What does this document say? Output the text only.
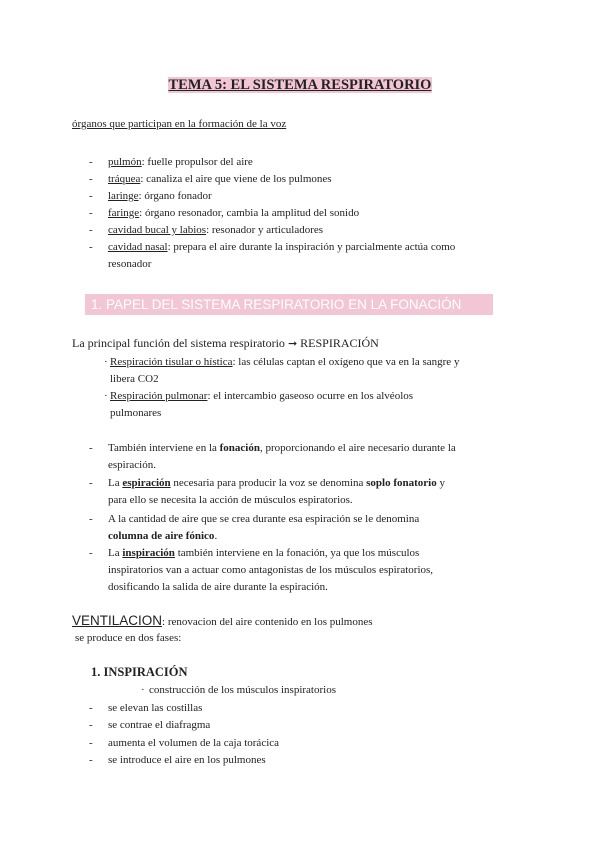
TEMA 5: EL SISTEMA RESPIRATORIO
órganos que participan en la formación de la voz
- pulmón: fuelle propulsor del aire
- tráquea: canaliza el aire que viene de los pulmones
- laringe: órgano fonador
- faringe: órgano resonador, cambia la amplitud del sonido
- cavidad bucal y labios: resonador y articuladores
- cavidad nasal: prepara el aire durante la inspiración y parcialmente actúa como
resonador
1. PAPEL DEL SISTEMA RESPIRATORIO EN LA FONACIÓN
La principal función del sistema respiratorio ➞ RESPIRACIÓN
· Respiración tisular o hística: las células captan el oxígeno que va en la sangre y
libera CO2
· Respiración pulmonar: el intercambio gaseoso ocurre en los alvéolos
pulmonares
- También interviene en la fonación, proporcionando el aire necesario durante la
espiración.
- La espiración necesaria para producir la voz se denomina soplo fonatorio y
para ello se necesita la acción de músculos espiratorios.
- A la cantidad de aire que se crea durante esa espiración se le denomina
columna de aire fónico.
- La inspiración también interviene en la fonación, ya que los músculos
inspiratorios van a actuar como antagonistas de los músculos espiratorios,
dosificando la salida de aire durante la espiración.
VENTILACION: renovacion del aire contenido en los pulmones
se produce en dos fases:
1. INSPIRACIÓN
· construcción de los músculos inspiratorios
- se elevan las costillas
- se contrae el diafragma
- aumenta el volumen de la caja torácica
- se introduce el aire en los pulmones
